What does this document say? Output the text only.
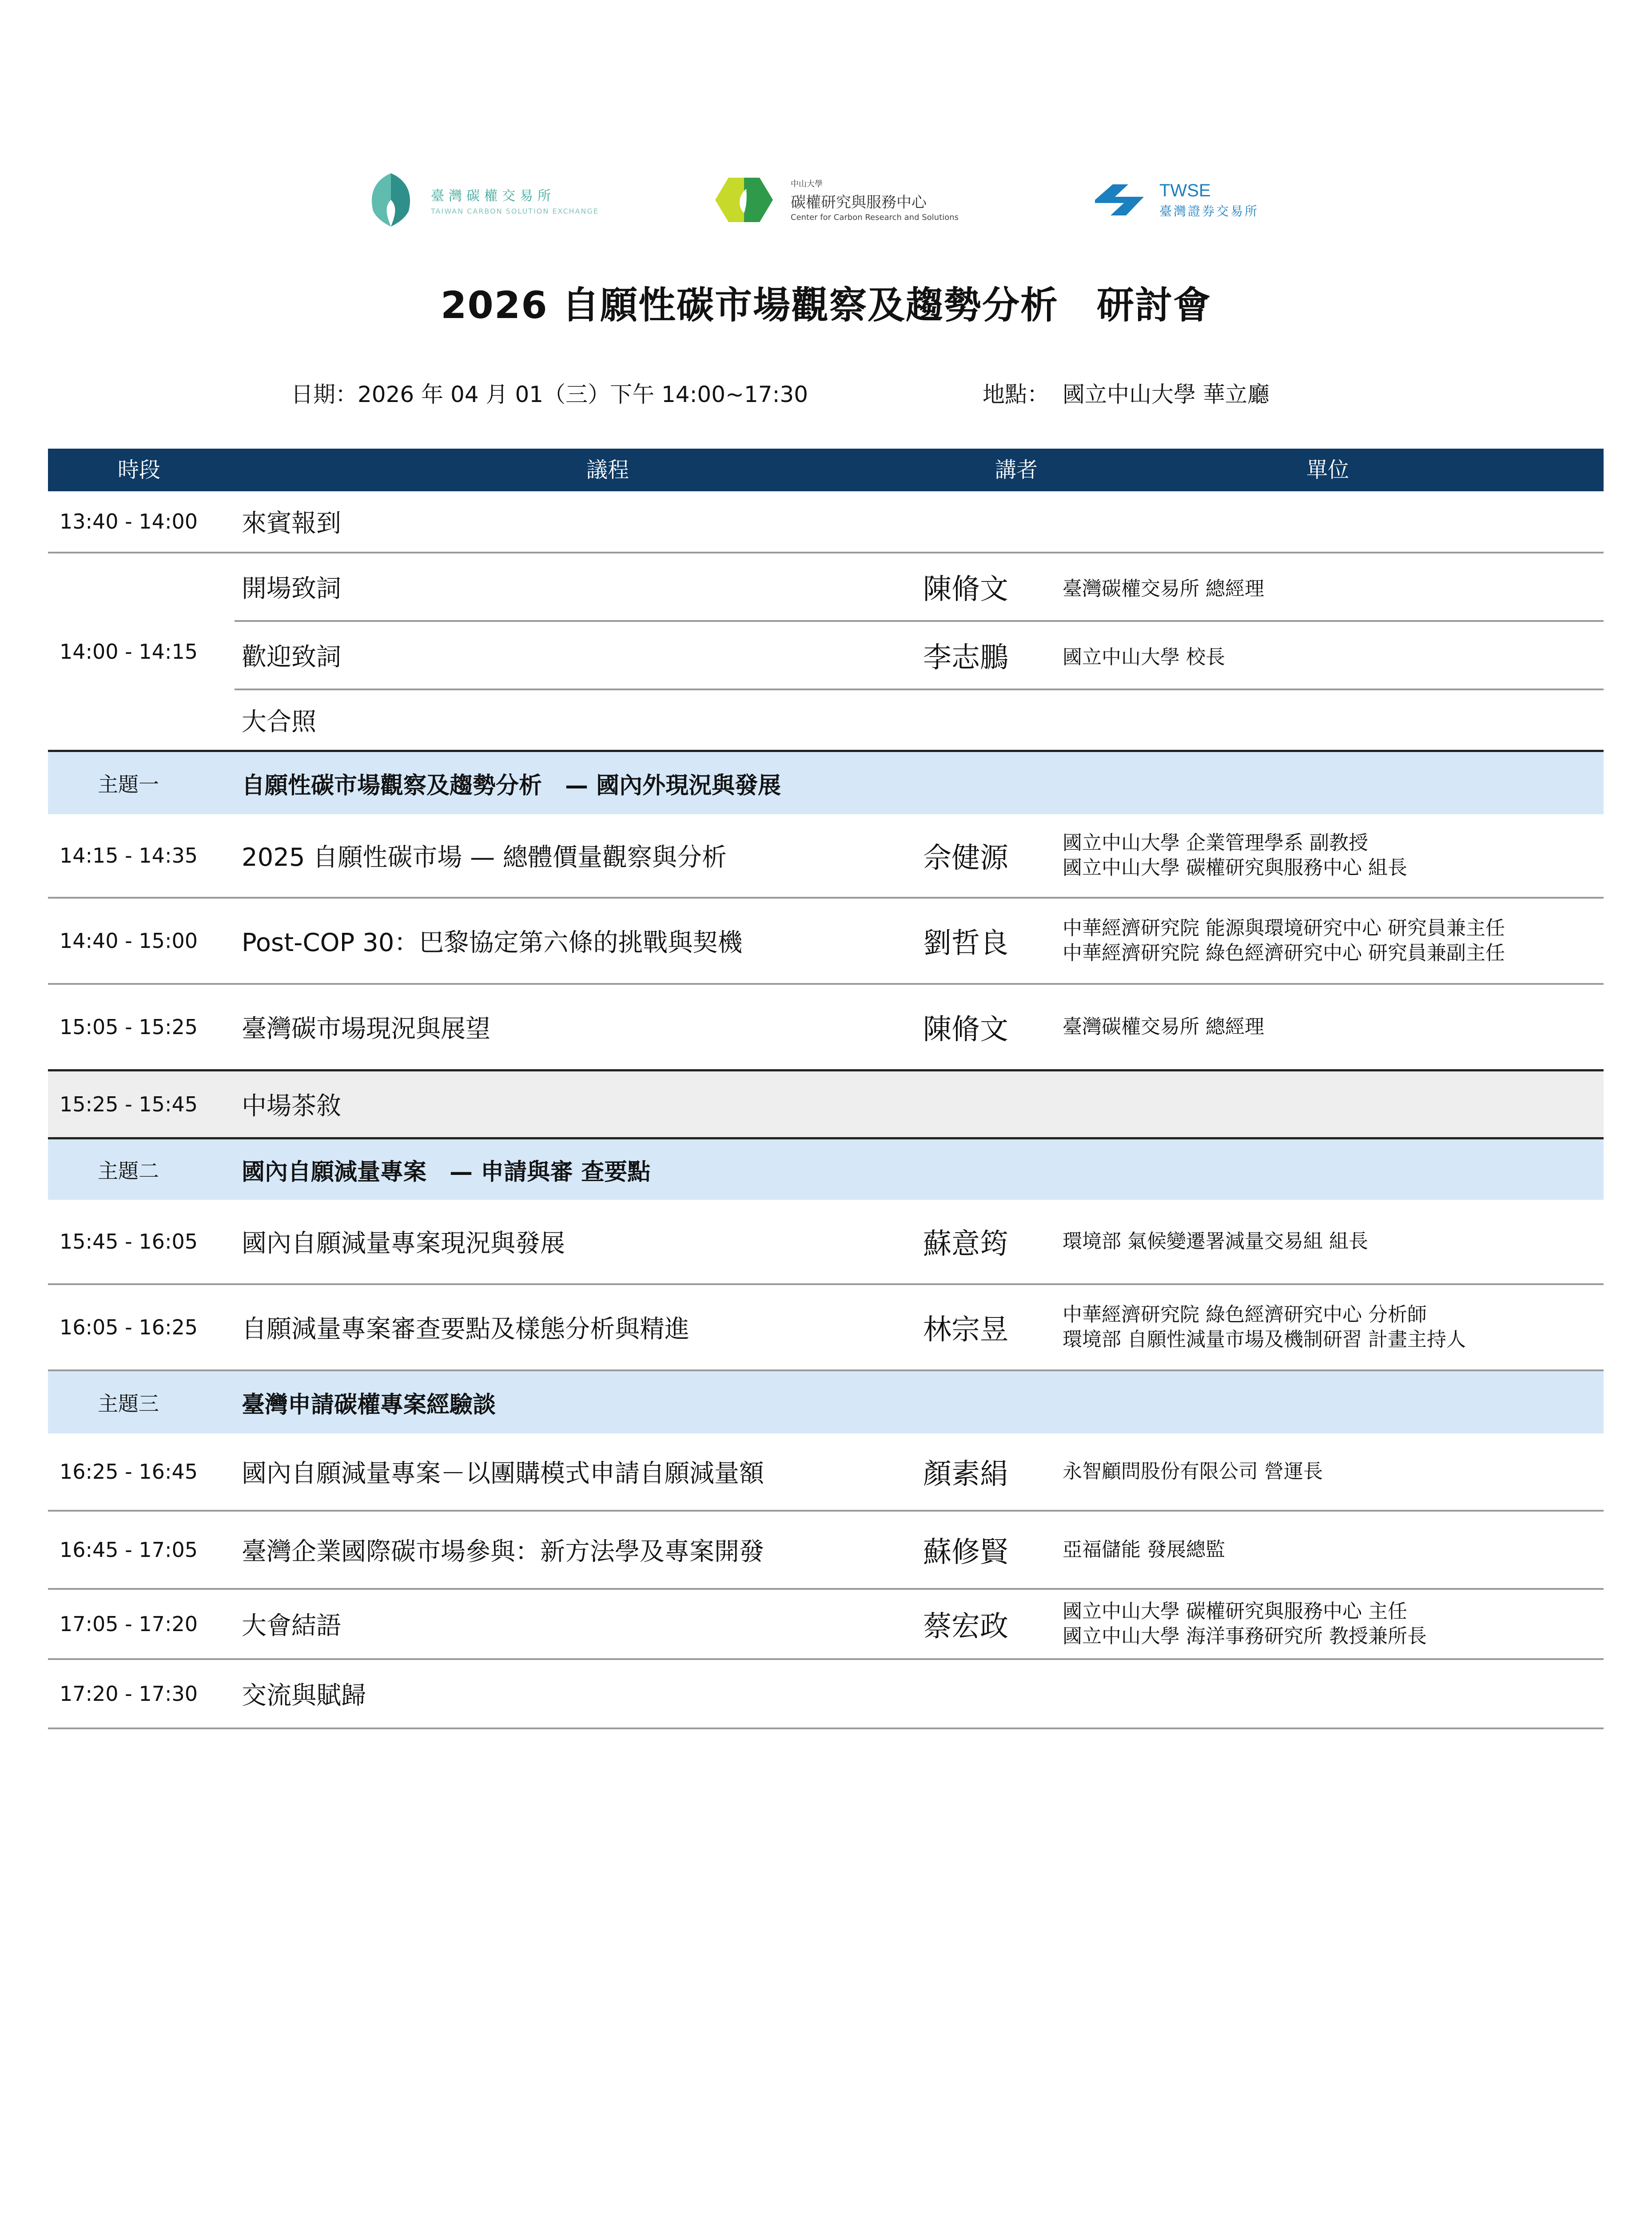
臺灣碳權交易所
TAIWAN CARBON SOLUTION EXCHANGE
中山大學
碳權研究與服務中心
Center for Carbon Research and Solutions
TWSE
臺灣證券交易所
2026 自願性碳市場觀察及趨勢分析　研討會
日期：2026 年 04 月 01（三）下午 14:00~17:30	地點： 國立中山大學 華立廳
時段	議程	講者	單位
13:40 - 14:00 來賓報到
14:00 - 14:15
開場致詞	陳脩文	臺灣碳權交易所 總經理
歡迎致詞	李志鵬	國立中山大學 校長
大合照
主題一	自願性碳市場觀察及趨勢分析　— 國內外現況與發展
14:15 - 14:35 2025 自願性碳市場 — 總體價量觀察與分析	佘健源	國立中山大學 企業管理學系 副教授
國立中山大學 碳權研究與服務中心 組長
14:40 - 15:00 Post-COP 30：巴黎協定第六條的挑戰與契機	劉哲良	中華經濟研究院 能源與環境研究中心 研究員兼主任
中華經濟研究院 綠色經濟研究中心 研究員兼副主任
15:05 - 15:25 臺灣碳市場現況與展望	陳脩文	臺灣碳權交易所 總經理
15:25 - 15:45 中場茶敘
主題二	國內自願減量專案　— 申請與審 查要點
15:45 - 16:05 國內自願減量專案現況與發展	蘇意筠	環境部 氣候變遷署減量交易組 組長
16:05 - 16:25 自願減量專案審查要點及樣態分析與精進	林宗昱	中華經濟研究院 綠色經濟研究中心 分析師
環境部 自願性減量市場及機制研習 計畫主持人
主題三	臺灣申請碳權專案經驗談
16:25 - 16:45 國內自願減量專案－以團購模式申請自願減量額	顏素絹	永智顧問股份有限公司 營運長
16:45 - 17:05 臺灣企業國際碳市場參與：新方法學及專案開發	蘇修賢	亞福儲能 發展總監
17:05 - 17:20 大會結語	蔡宏政	國立中山大學 碳權研究與服務中心 主任
國立中山大學 海洋事務研究所 教授兼所長
17:20 - 17:30 交流與賦歸
